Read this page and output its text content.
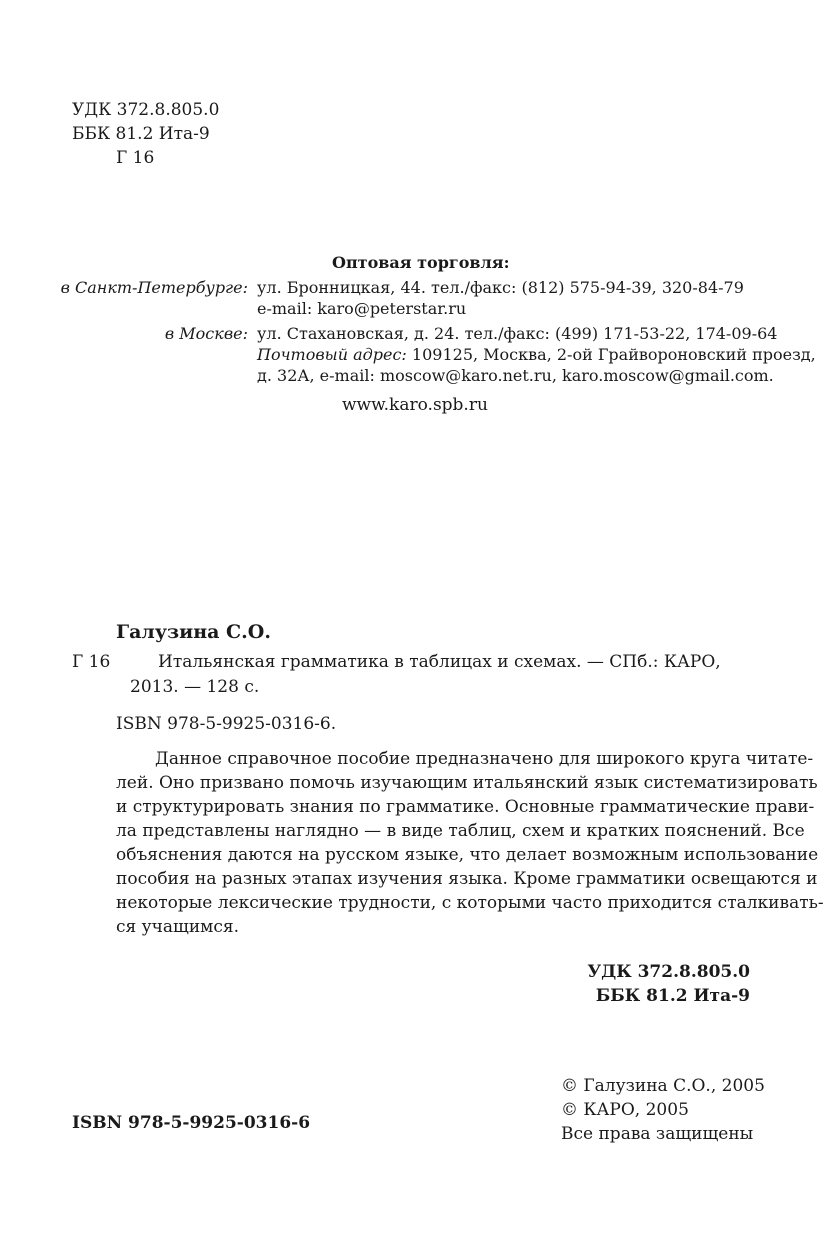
УДК 372.8.805.0
ББК 81.2 Ита-9
Г 16
Оптовая торговля:
в Санкт-Петербурге: ул. Бронницкая, 44. тел./факс: (812) 575-94-39, 320-84-79
e-mail: karo@peterstar.ru
в Москве: ул. Стахановская, д. 24. тел./факс: (499) 171-53-22, 174-09-64
Почтовый адрес: 109125, Москва, 2-ой Грайвороновский проезд,
д. 32А, e-mail: moscow@karo.net.ru, karo.moscow@gmail.com.
www.karo.spb.ru
Галузина С.О.
Г 16	Итальянская грамматика в таблицах и схемах. — СПб.: КАРО,
2013. — 128 с.
ISBN 978-5-9925-0316-6.
Данное справочное пособие предназначено для широкого круга читате-
лей. Оно призвано помочь изучающим итальянский язык систематизировать
и структурировать знания по грамматике. Основные грамматические прави-
ла представлены наглядно — в виде таблиц, схем и кратких пояснений. Все
объяснения даются на русском языке, что делает возможным использование
пособия на разных этапах изучения языка. Кроме грамматики освещаются и
некоторые лексические трудности, с которыми часто приходится сталкивать-
ся учащимся.
УДК 372.8.805.0
ББК 81.2 Ита-9
© Галузина С.О., 2005
© КАРО, 2005
Все права защищены
ISBN 978-5-9925-0316-6
